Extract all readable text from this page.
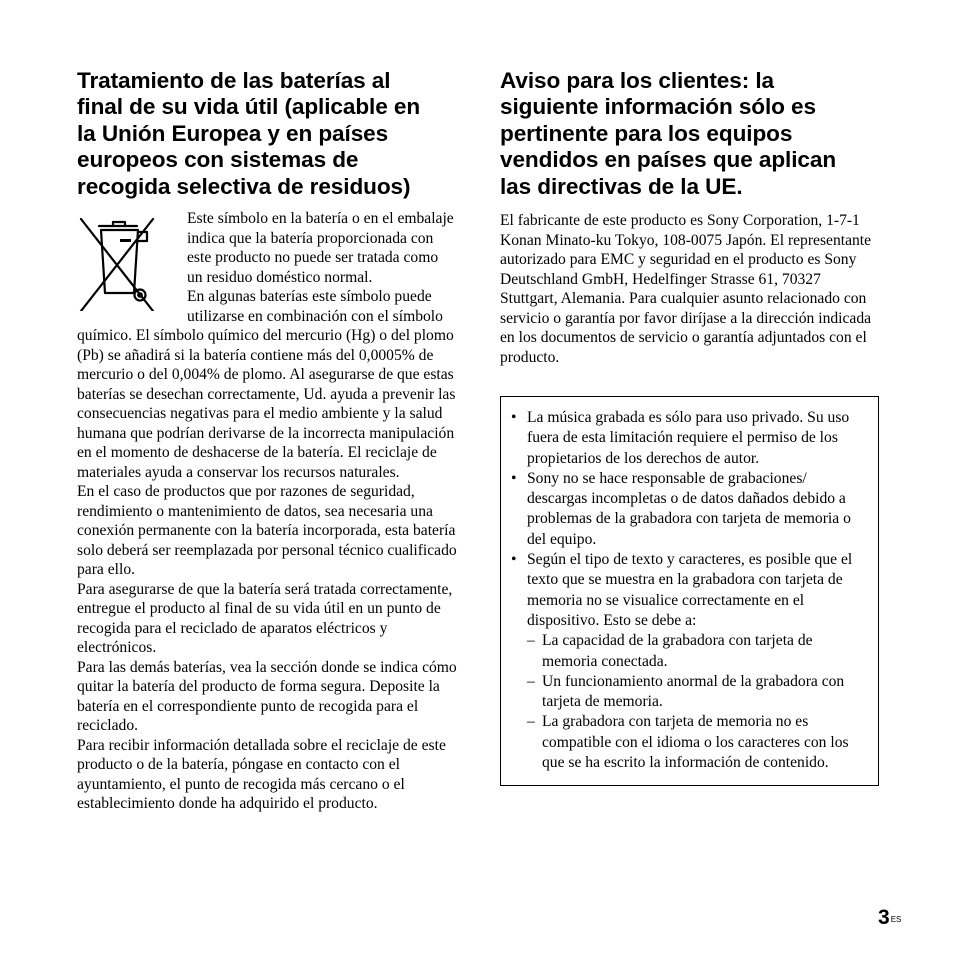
Tratamiento de las baterías al
final de su vida útil (aplicable en
la Unión Europea y en países
europeos con sistemas de
recogida selectiva de residuos)

Este símbolo en la batería o en el embalaje indica que la batería proporcionada con este producto no puede ser tratada como un residuo doméstico normal.

En algunas baterías este símbolo puede utilizarse en combinación con el símbolo químico. El símbolo químico del mercurio (Hg) o del plomo (Pb) se añadirá si la batería contiene más del 0,0005% de mercurio o del 0,004% de plomo. Al asegurarse de que estas baterías se desechan correctamente, Ud. ayuda a prevenir las consecuencias negativas para el medio ambiente y la salud humana que podrían derivarse de la incorrecta manipulación en el momento de deshacerse de la batería. El reciclaje de materiales ayuda a conservar los recursos naturales.

En el caso de productos que por razones de seguridad, rendimiento o mantenimiento de datos, sea necesaria una conexión permanente con la batería incorporada, esta batería solo deberá ser reemplazada por personal técnico cualificado para ello.

Para asegurarse de que la batería será tratada correctamente, entregue el producto al final de su vida útil en un punto de recogida para el reciclado de aparatos eléctricos y electrónicos.

Para las demás baterías, vea la sección donde se indica cómo quitar la batería del producto de forma segura. Deposite la batería en el correspondiente punto de recogida para el reciclado.

Para recibir información detallada sobre el reciclaje de este producto o de la batería, póngase en contacto con el ayuntamiento, el punto de recogida más cercano o el establecimiento donde ha adquirido el producto.

Aviso para los clientes: la
siguiente información sólo es
pertinente para los equipos
vendidos en países que aplican
las directivas de la UE.

El fabricante de este producto es Sony Corporation, 1-7-1 Konan Minato-ku Tokyo, 108-0075 Japón. El representante autorizado para EMC y seguridad en el producto es Sony Deutschland GmbH, Hedelfinger Strasse 61, 70327 Stuttgart, Alemania. Para cualquier asunto relacionado con servicio o garantía por favor diríjase a la dirección indicada en los documentos de servicio o garantía adjuntados con el producto.

• La música grabada es sólo para uso privado. Su uso fuera de esta limitación requiere el permiso de los propietarios de los derechos de autor.
• Sony no se hace responsable de grabaciones/ descargas incompletas o de datos dañados debido a problemas de la grabadora con tarjeta de memoria o del equipo.
• Según el tipo de texto y caracteres, es posible que el texto que se muestra en la grabadora con tarjeta de memoria no se visualice correctamente en el dispositivo. Esto se debe a:
– La capacidad de la grabadora con tarjeta de memoria conectada.
– Un funcionamiento anormal de la grabadora con tarjeta de memoria.
– La grabadora con tarjeta de memoria no es compatible con el idioma o los caracteres con los que se ha escrito la información de contenido.
$3^{ES}$
